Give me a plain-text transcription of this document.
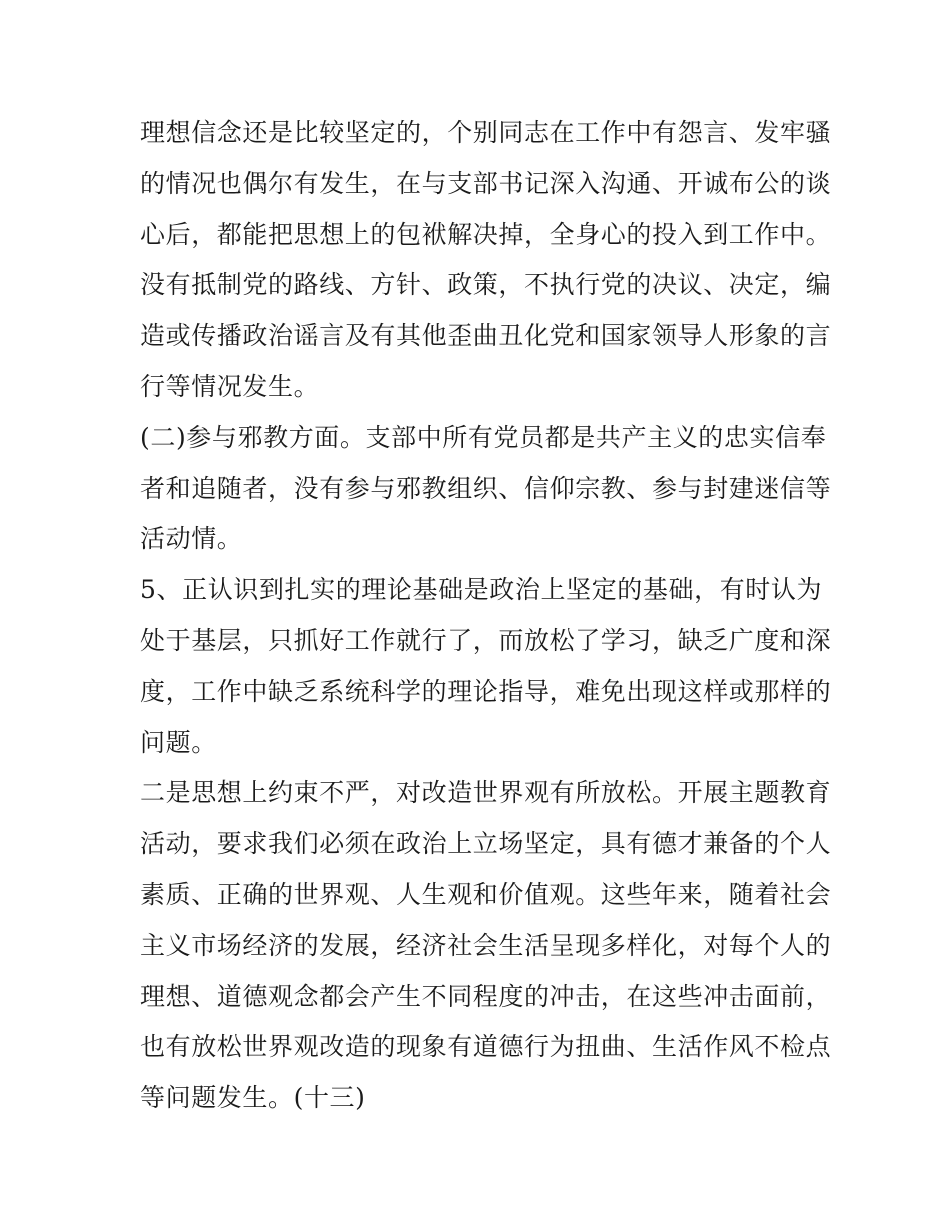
理想信念还是比较坚定的，个别同志在工作中有怨言、发牢骚
的情况也偶尔有发生，在与支部书记深入沟通、开诚布公的谈
心后，都能把思想上的包袱解决掉，全身心的投入到工作中。
没有抵制党的路线、方针、政策，不执行党的决议、决定，编
造或传播政治谣言及有其他歪曲丑化党和国家领导人形象的言
行等情况发生。
(二)参与邪教方面。支部中所有党员都是共产主义的忠实信奉
者和追随者，没有参与邪教组织、信仰宗教、参与封建迷信等
活动情。
5、正认识到扎实的理论基础是政治上坚定的基础，有时认为
处于基层，只抓好工作就行了，而放松了学习，缺乏广度和深
度，工作中缺乏系统科学的理论指导，难免出现这样或那样的
问题。
二是思想上约束不严，对改造世界观有所放松。开展主题教育
活动，要求我们必须在政治上立场坚定，具有德才兼备的个人
素质、正确的世界观、人生观和价值观。这些年来，随着社会
主义市场经济的发展，经济社会生活呈现多样化，对每个人的
理想、道德观念都会产生不同程度的冲击，在这些冲击面前，
也有放松世界观改造的现象有道德行为扭曲、生活作风不检点
等问题发生。(十三)
